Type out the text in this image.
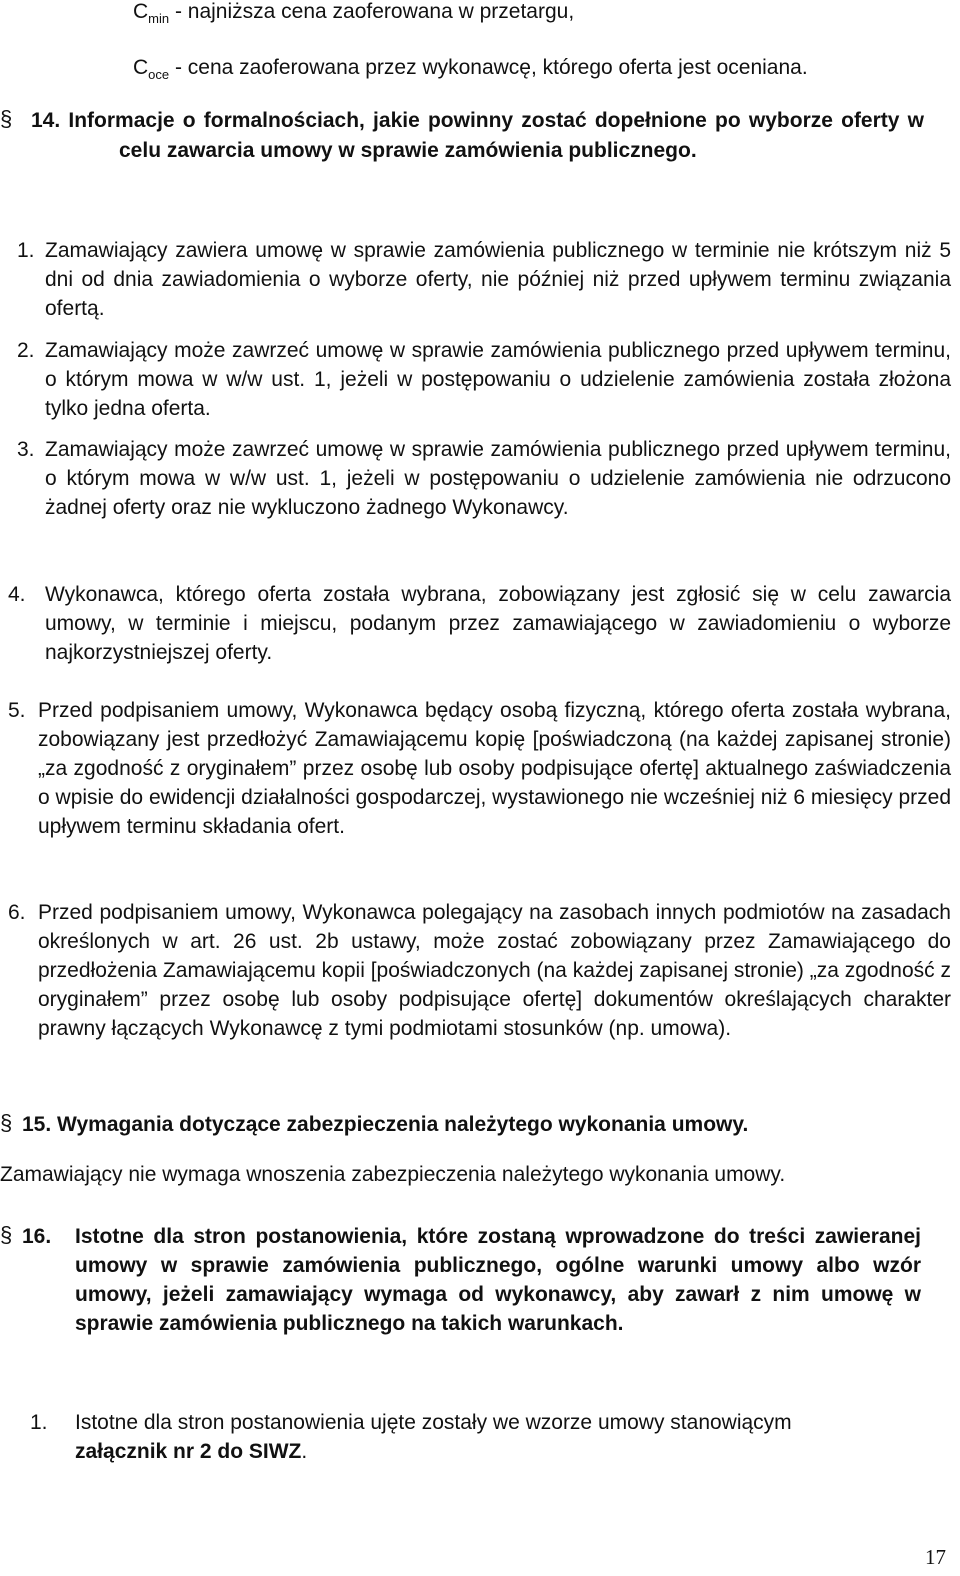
$C_{min}$ - najniższa cena zaoferowana w przetargu,
$C_{oce}$ - cena zaoferowana przez wykonawcę, którego oferta jest oceniana.
§ 14. Informacje o formalnościach, jakie powinny zostać dopełnione po wyborze oferty w celu zawarcia umowy w sprawie zamówienia publicznego.
1. Zamawiający zawiera umowę w sprawie zamówienia publicznego w terminie nie krótszym niż 5 dni od dnia zawiadomienia o wyborze oferty, nie później niż przed upływem terminu związania ofertą.
2. Zamawiający może zawrzeć umowę w sprawie zamówienia publicznego przed upływem terminu, o którym mowa w w/w ust. 1, jeżeli w postępowaniu o udzielenie zamówienia została złożona tylko jedna oferta.
3. Zamawiający może zawrzeć umowę w sprawie zamówienia publicznego przed upływem terminu, o którym mowa w w/w ust. 1, jeżeli w postępowaniu o udzielenie zamówienia nie odrzucono żadnej oferty oraz nie wykluczono żadnego Wykonawcy.
4. Wykonawca, którego oferta została wybrana, zobowiązany jest zgłosić się w celu zawarcia umowy, w terminie i miejscu, podanym przez zamawiającego w zawiadomieniu o wyborze najkorzystniejszej oferty.
5. Przed podpisaniem umowy, Wykonawca będący osobą fizyczną, którego oferta została wybrana, zobowiązany jest przedłożyć Zamawiającemu kopię [poświadczoną (na każdej zapisanej stronie) „za zgodność z oryginałem” przez osobę lub osoby podpisujące ofertę] aktualnego zaświadczenia o wpisie do ewidencji działalności gospodarczej, wystawionego nie wcześniej niż 6 miesięcy przed upływem terminu składania ofert.
6. Przed podpisaniem umowy, Wykonawca polegający na zasobach innych podmiotów na zasadach określonych w art. 26 ust. 2b ustawy, może zostać zobowiązany przez Zamawiającego do przedłożenia Zamawiającemu kopii [poświadczonych (na każdej zapisanej stronie) „za zgodność z oryginałem” przez osobę lub osoby podpisujące ofertę] dokumentów określających charakter prawny łączących Wykonawcę z tymi podmiotami stosunków (np. umowa).
§ 15. Wymagania dotyczące zabezpieczenia należytego wykonania umowy.
Zamawiający nie wymaga wnoszenia zabezpieczenia należytego wykonania umowy.
§ 16. Istotne dla stron postanowienia, które zostaną wprowadzone do treści zawieranej umowy w sprawie zamówienia publicznego, ogólne warunki umowy albo wzór umowy, jeżeli zamawiający wymaga od wykonawcy, aby zawarł z nim umowę w sprawie zamówienia publicznego na takich warunkach.
1. Istotne dla stron postanowienia ujęte zostały we wzorze umowy stanowiącym
załącznik nr 2 do SIWZ.
17
